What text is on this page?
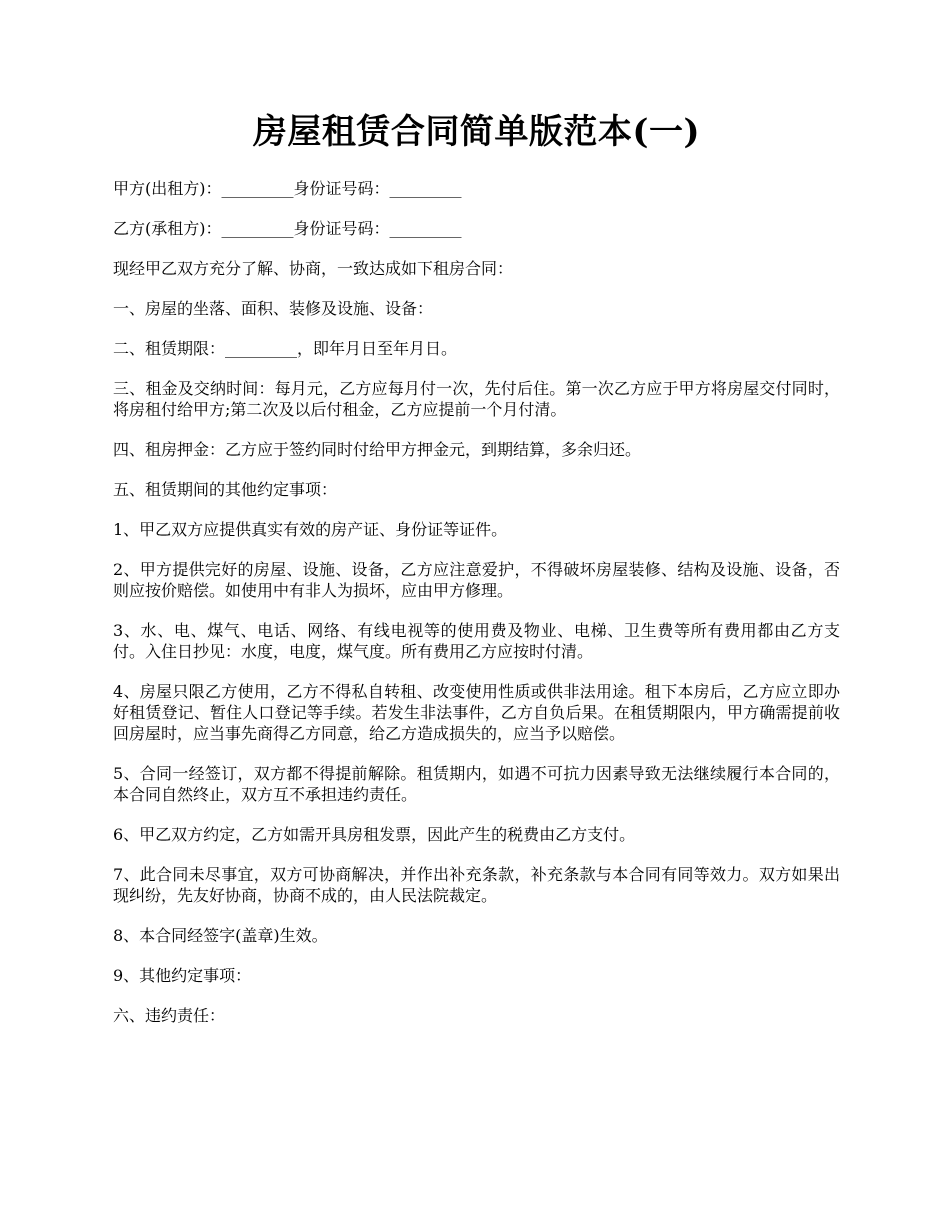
房屋租赁合同简单版范本(一)

甲方(出租方)：_________身份证号码：_________

乙方(承租方)：_________身份证号码：_________

现经甲乙双方充分了解、协商，一致达成如下租房合同：

一、房屋的坐落、面积、装修及设施、设备：

二、租赁期限：_________，即年月日至年月日。

三、租金及交纳时间：每月元，乙方应每月付一次，先付后住。第一次乙方应于甲方将房屋交付同时，将房租付给甲方;第二次及以后付租金，乙方应提前一个月付清。

四、租房押金：乙方应于签约同时付给甲方押金元，到期结算，多余归还。

五、租赁期间的其他约定事项：

1、甲乙双方应提供真实有效的房产证、身份证等证件。

2、甲方提供完好的房屋、设施、设备，乙方应注意爱护，不得破坏房屋装修、结构及设施、设备，否则应按价赔偿。如使用中有非人为损坏，应由甲方修理。

3、水、电、煤气、电话、网络、有线电视等的使用费及物业、电梯、卫生费等所有费用都由乙方支付。入住日抄见：水度，电度，煤气度。所有费用乙方应按时付清。

4、房屋只限乙方使用，乙方不得私自转租、改变使用性质或供非法用途。租下本房后，乙方应立即办好租赁登记、暂住人口登记等手续。若发生非法事件，乙方自负后果。在租赁期限内，甲方确需提前收回房屋时，应当事先商得乙方同意，给乙方造成损失的，应当予以赔偿。

5、合同一经签订，双方都不得提前解除。租赁期内，如遇不可抗力因素导致无法继续履行本合同的，本合同自然终止，双方互不承担违约责任。

6、甲乙双方约定，乙方如需开具房租发票，因此产生的税费由乙方支付。

7、此合同未尽事宜，双方可协商解决，并作出补充条款，补充条款与本合同有同等效力。双方如果出现纠纷，先友好协商，协商不成的，由人民法院裁定。

8、本合同经签字(盖章)生效。

9、其他约定事项：

六、违约责任：
